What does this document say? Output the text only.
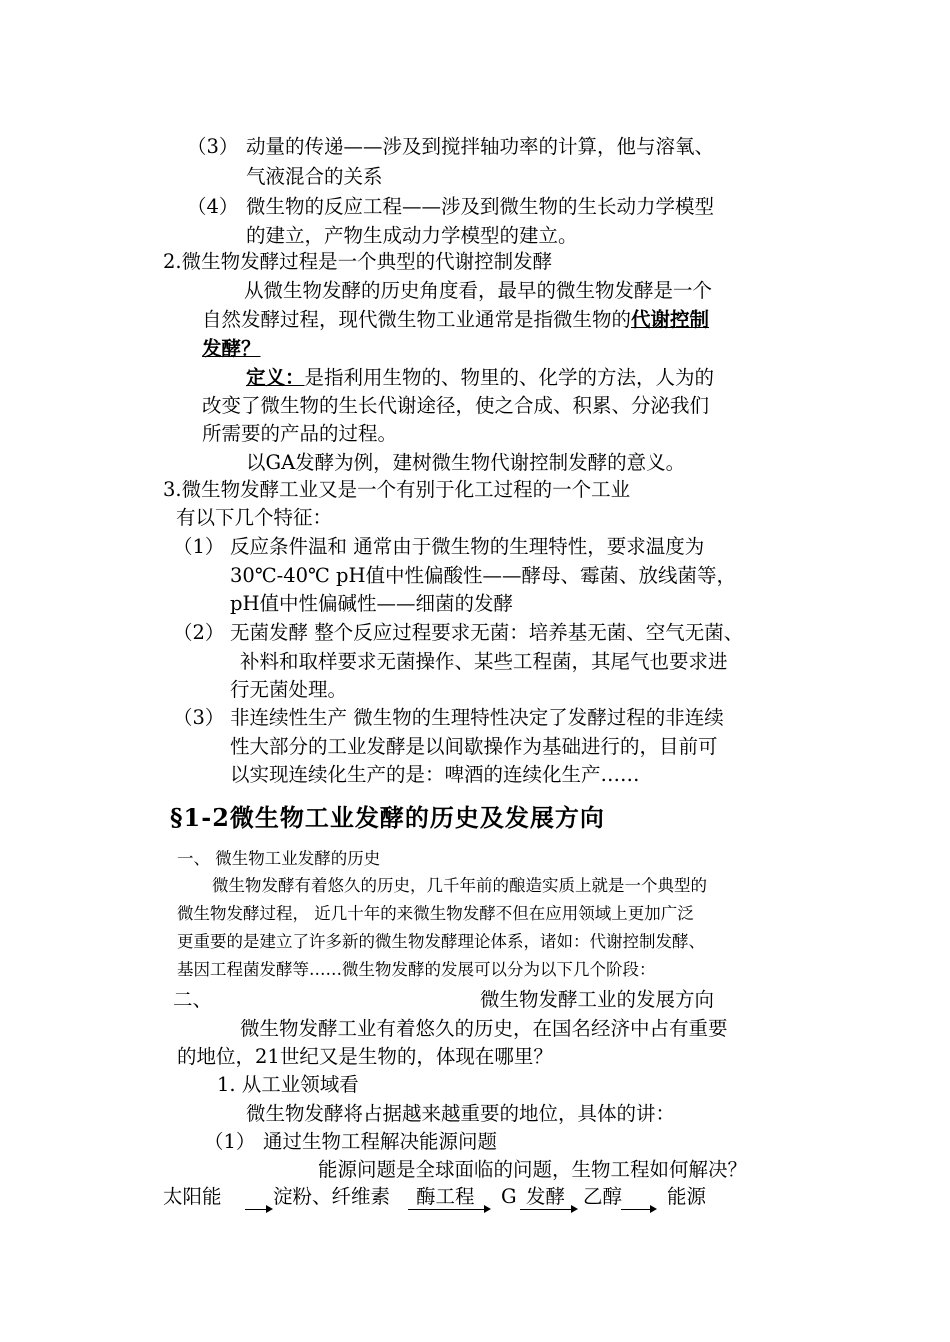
（3） 动量的传递——涉及到搅拌轴功率的计算，他与溶氧、
气液混合的关系
（4） 微生物的反应工程——涉及到微生物的生长动力学模型
的建立，产物生成动力学模型的建立。
2.微生物发酵过程是一个典型的代谢控制发酵
从微生物发酵的历史角度看，最早的微生物发酵是一个
自然发酵过程，现代微生物工业通常是指微生物的代谢控制
发酵？
定义：是指利用生物的、物里的、化学的方法，人为的
改变了微生物的生长代谢途径，使之合成、积累、分泌我们
所需要的产品的过程。
以GA发酵为例，建树微生物代谢控制发酵的意义。
3.微生物发酵工业又是一个有别于化工过程的一个工业
有以下几个特征：
（1） 反应条件温和 通常由于微生物的生理特性，要求温度为
30℃-40℃ pH值中性偏酸性——酵母、霉菌、放线菌等，
pH值中性偏碱性——细菌的发酵
（2） 无菌发酵 整个反应过程要求无菌：培养基无菌、空气无菌、
补料和取样要求无菌操作、某些工程菌，其尾气也要求进
行无菌处理。
（3） 非连续性生产 微生物的生理特性决定了发酵过程的非连续
性大部分的工业发酵是以间歇操作为基础进行的，目前可
以实现连续化生产的是：啤酒的连续化生产……
§1-2微生物工业发酵的历史及发展方向
一、 微生物工业发酵的历史
微生物发酵有着悠久的历史，几千年前的酿造实质上就是一个典型的
微生物发酵过程， 近几十年的来微生物发酵不但在应用领域上更加广泛
更重要的是建立了许多新的微生物发酵理论体系，诸如：代谢控制发酵、
基因工程菌发酵等……微生物发酵的发展可以分为以下几个阶段：
二、	微生物发酵工业的发展方向
微生物发酵工业有着悠久的历史，在国名经济中占有重要
的地位，21世纪又是生物的，体现在哪里？
1. 从工业领域看
微生物发酵将占据越来越重要的地位，具体的讲：
（1） 通过生物工程解决能源问题
能源问题是全球面临的问题，生物工程如何解决？
太阳能	淀粉、纤维素 酶工程 G 发酵 乙醇 能源
